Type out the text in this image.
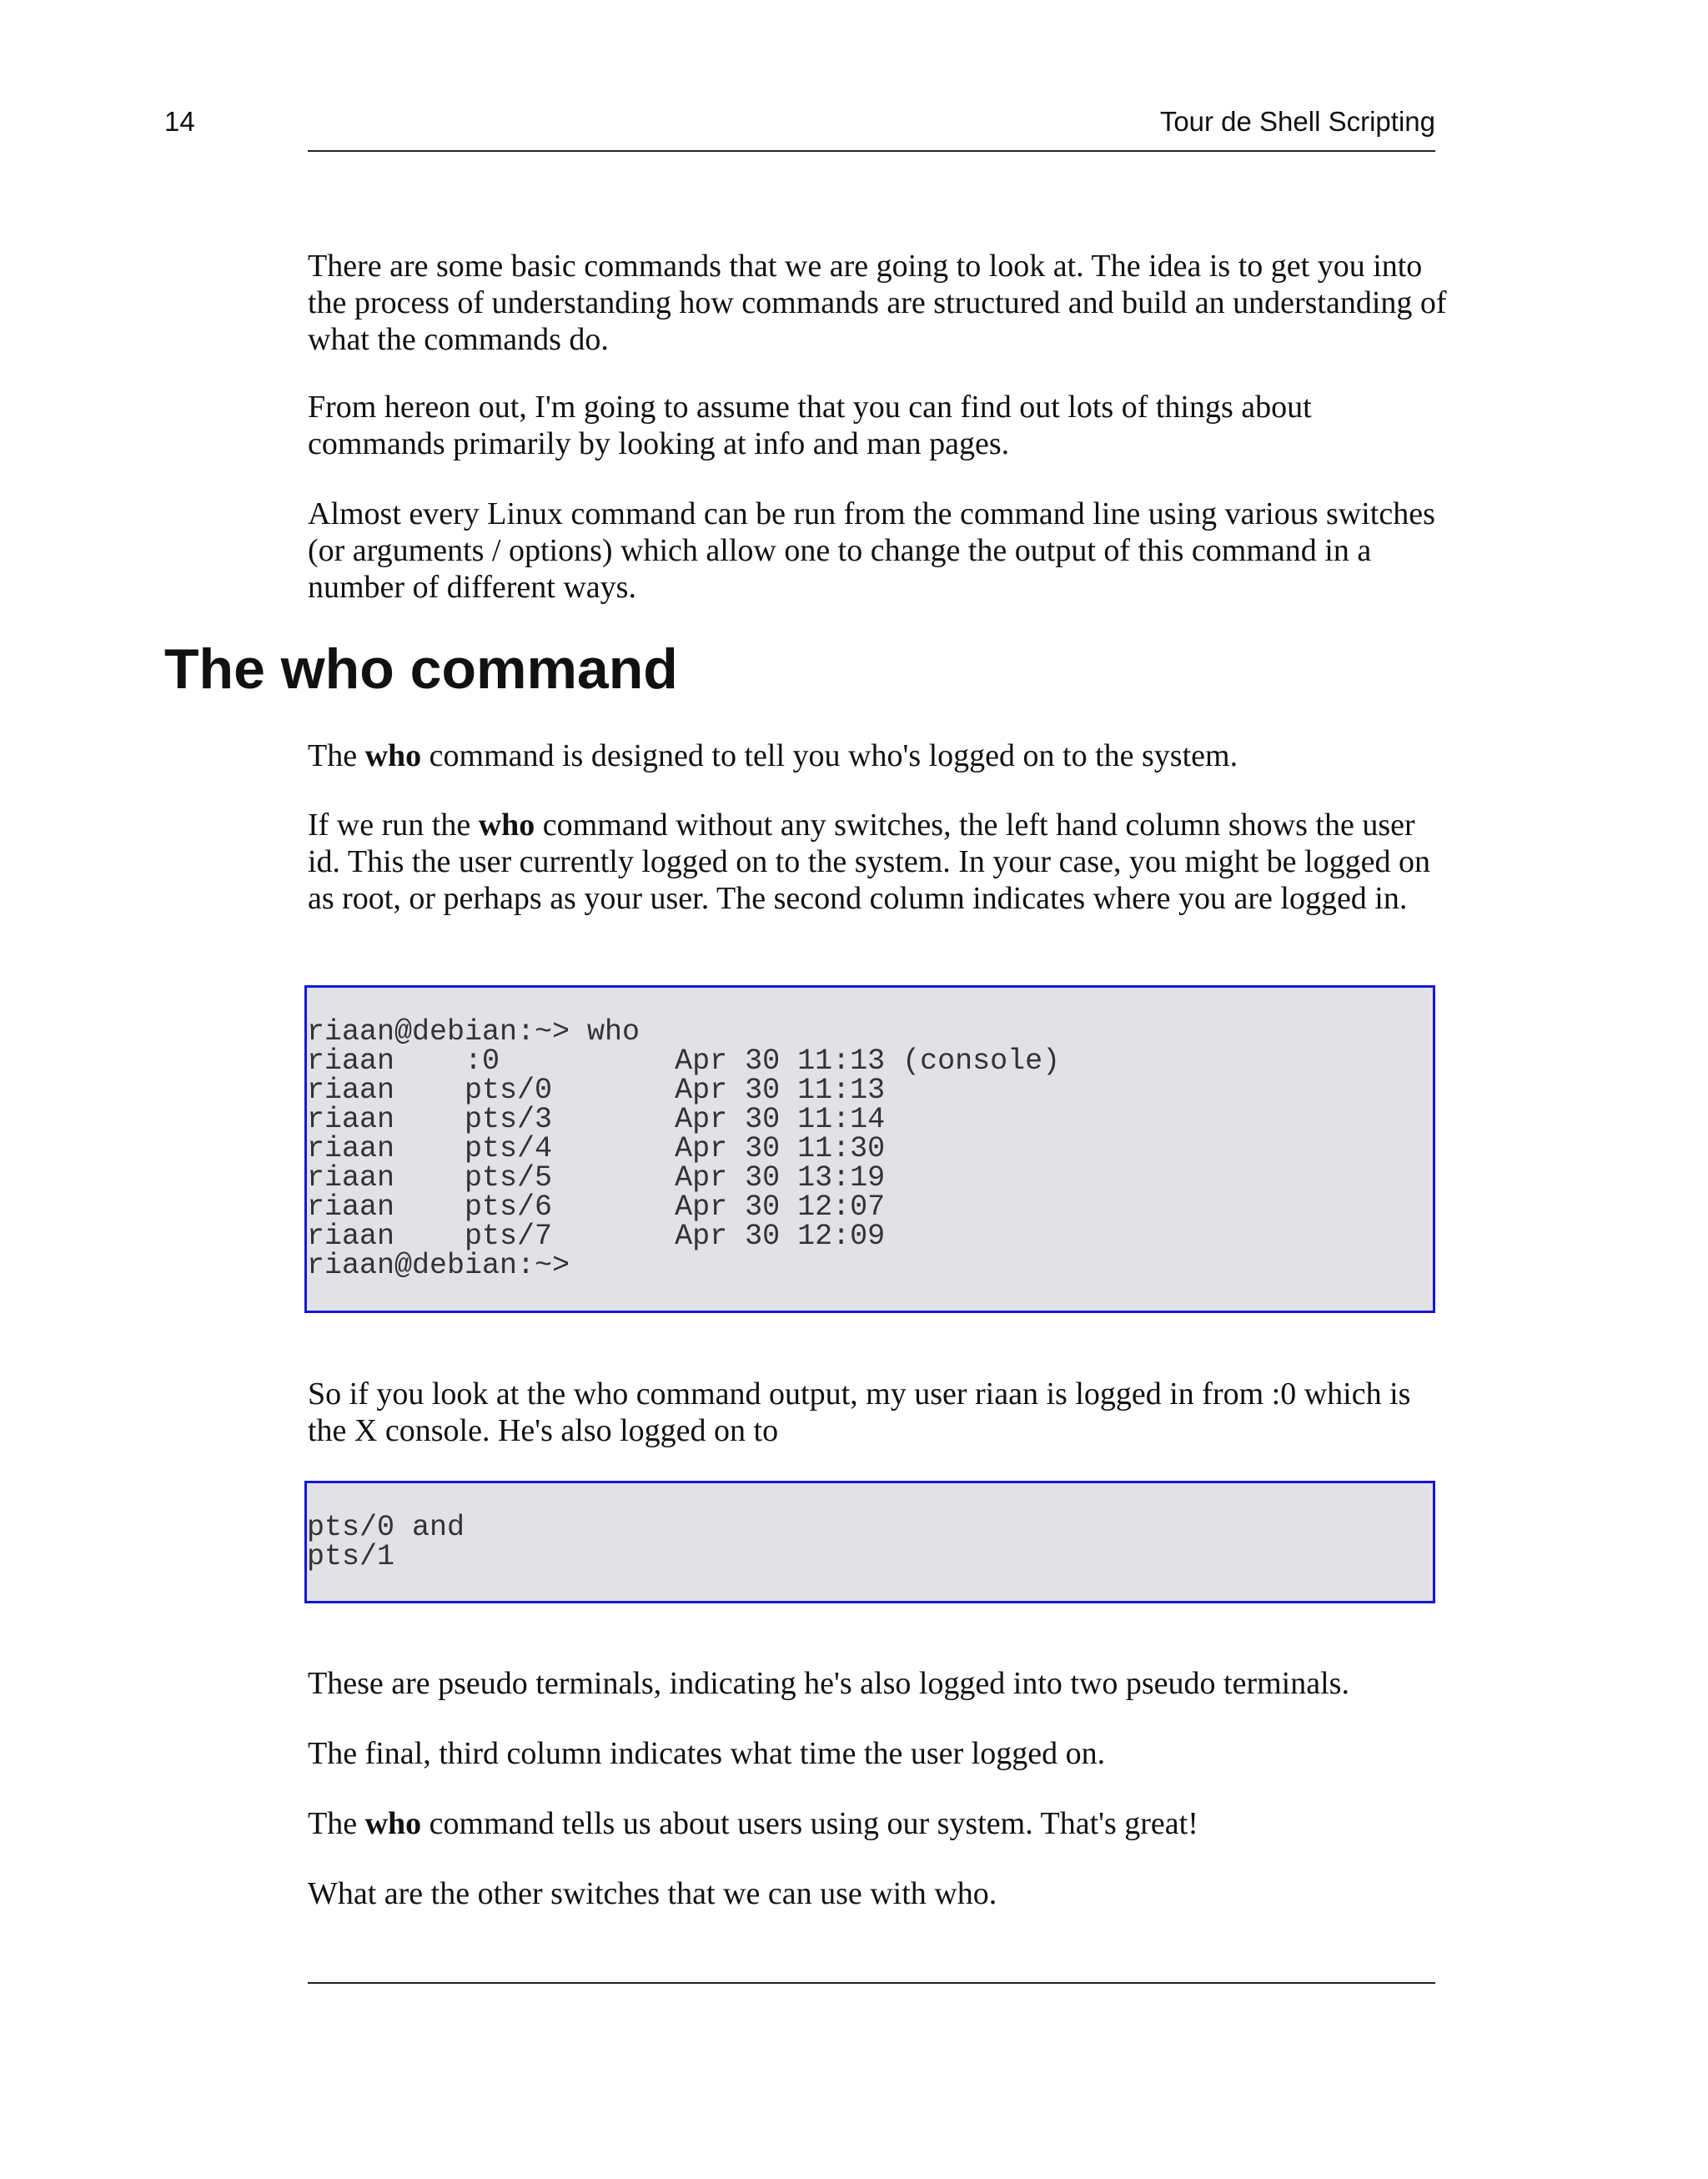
14	Tour de Shell Scripting

There are some basic commands that we are going to look at. The idea is to get you into the process of understanding how commands are structured and build an understanding of what the commands do.

From hereon out, I'm going to assume that you can find out lots of things about commands primarily by looking at info and man pages.

Almost every Linux command can be run from the command line using various switches (or arguments / options) which allow one to change the output of this command in a number of different ways.

The who command

The who command is designed to tell you who's logged on to the system.

If we run the who command without any switches, the left hand column shows the user id. This the user currently logged on to the system. In your case, you might be logged on as root, or perhaps as your user. The second column indicates where you are logged in.

riaan@debian:~> who
riaan    :0          Apr 30 11:13 (console)
riaan    pts/0       Apr 30 11:13
riaan    pts/3       Apr 30 11:14
riaan    pts/4       Apr 30 11:30
riaan    pts/5       Apr 30 13:19
riaan    pts/6       Apr 30 12:07
riaan    pts/7       Apr 30 12:09
riaan@debian:~>

So if you look at the who command output, my user riaan is logged in from :0 which is the X console. He's also logged on to

pts/0 and
pts/1

These are pseudo terminals, indicating he's also logged into two pseudo terminals.

The final, third column indicates what time the user logged on.

The who command tells us about users using our system. That's great!

What are the other switches that we can use with who.
